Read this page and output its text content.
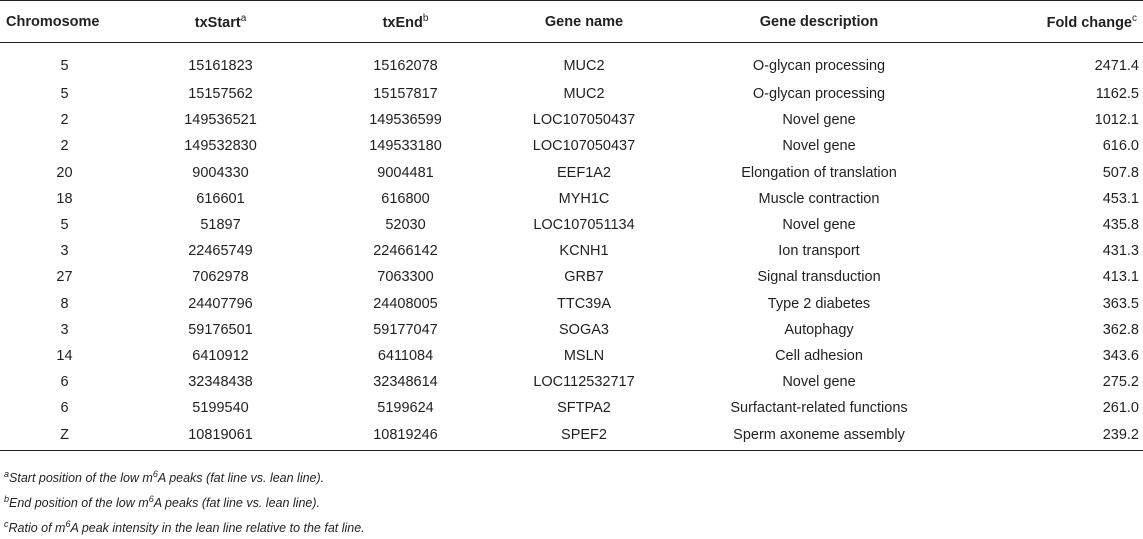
Chromosome	txStart$^a$	txEnd$^b$	Gene name	Gene description	Fold change$^c$
5	15161823	15162078	MUC2	O-glycan processing	2471.4
5	15157562	15157817	MUC2	O-glycan processing	1162.5
2	149536521	149536599	LOC107050437	Novel gene	1012.1
2	149532830	149533180	LOC107050437	Novel gene	616.0
20	9004330	9004481	EEF1A2	Elongation of translation	507.8
18	616601	616800	MYH1C	Muscle contraction	453.1
5	51897	52030	LOC107051134	Novel gene	435.8
3	22465749	22466142	KCNH1	Ion transport	431.3
27	7062978	7063300	GRB7	Signal transduction	413.1
8	24407796	24408005	TTC39A	Type 2 diabetes	363.5
3	59176501	59177047	SOGA3	Autophagy	362.8
14	6410912	6411084	MSLN	Cell adhesion	343.6
6	32348438	32348614	LOC112532717	Novel gene	275.2
6	5199540	5199624	SFTPA2	Surfactant-related functions	261.0
Z	10819061	10819246	SPEF2	Sperm axoneme assembly	239.2
$^a$Start position of the low $m^6A$ peaks (fat line vs. lean line).
$^b$End position of the low $m^6A$ peaks (fat line vs. lean line).
$^c$Ratio of $m^6A$ peak intensity in the lean line relative to the fat line.
